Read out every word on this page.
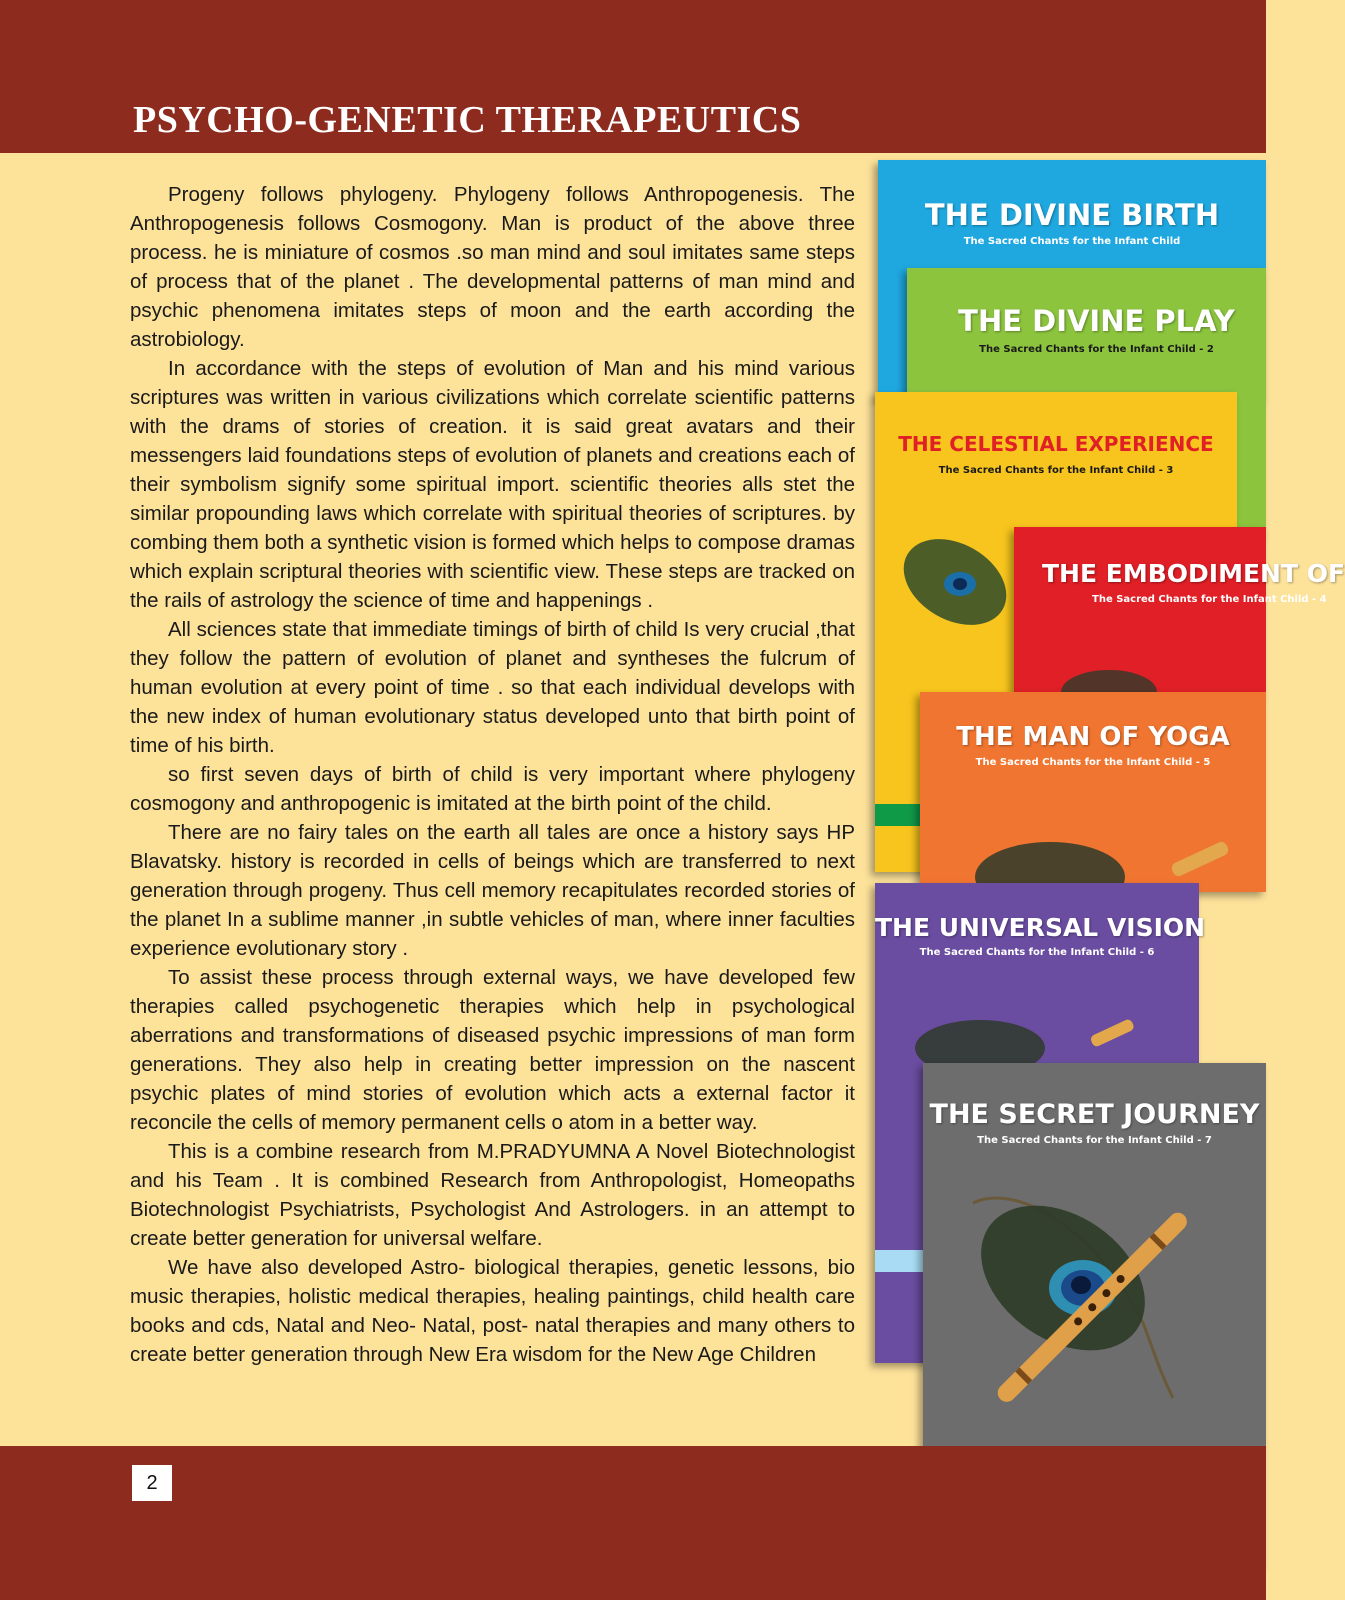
PSYCHO-GENETIC THERAPEUTICS

Progeny follows phylogeny. Phylogeny follows Anthropogenesis. The Anthropogenesis follows Cosmogony. Man is product of the above three process. he is miniature of cosmos .so man mind and soul imitates same steps of process that of the planet . The developmental patterns of man mind and psychic phenomena imitates steps of moon and the earth according the astrobiology.

In accordance with the steps of evolution of Man and his mind various scriptures was written in various civilizations which correlate scientific patterns with the drams of stories of creation. it is said great avatars and their messengers laid foundations steps of evolution of planets and creations each of their symbolism signify some spiritual import. scientific theories alls stet the similar propounding laws which correlate with spiritual theories of scriptures. by combing them both a synthetic vision is formed which helps to compose dramas which explain scriptural theories with scientific view. These steps are tracked on the rails of astrology the science of time and happenings .

All sciences state that immediate timings of birth of child Is very crucial ,that they follow the pattern of evolution of planet and syntheses the fulcrum of human evolution at every point of time . so that each individual develops with the new index of human evolutionary status developed unto that birth point of time of his birth.

so first seven days of birth of child is very important where phylogeny cosmogony and anthropogenic is imitated at the birth point of the child.

There are no fairy tales on the earth all tales are once a history says HP Blavatsky. history is recorded in cells of beings which are transferred to next generation through progeny. Thus cell memory recapitulates recorded stories of the planet In a sublime manner ,in subtle vehicles of man, where inner faculties experience evolutionary story .

To assist these process through external ways, we have developed few therapies called psychogenetic therapies which help in psychological aberrations and transformations of diseased psychic impressions of man form generations. They also help in creating better impression on the nascent psychic plates of mind stories of evolution which acts a external factor it reconcile the cells of memory permanent cells o atom in a better way.

This is a combine research from M.PRADYUMNA A Novel Biotechnologist and his Team . It is combined Research from Anthropologist, Homeopaths Biotechnologist Psychiatrists, Psychologist And Astrologers. in an attempt to create better generation for universal welfare.

We have also developed Astro- biological therapies, genetic lessons, bio music therapies, holistic medical therapies, healing paintings, child health care books and cds, Natal and Neo- Natal, post- natal therapies and many others to create better generation through New Era wisdom for the New Age Children

THE DIVINE BIRTH
The Sacred Chants for the Infant Child
THE DIVINE PLAY
The Sacred Chants for the Infant Child - 2
THE CELESTIAL EXPERIENCE
The Sacred Chants for the Infant Child - 3
THE EMBODIMENT OF
The Sacred Chants for the Infant Child - 4
THE MAN OF YOGA
The Sacred Chants for the Infant Child - 5
THE UNIVERSAL VISION
The Sacred Chants for the Infant Child - 6
THE SECRET JOURNEY
The Sacred Chants for the Infant Child - 7
2
